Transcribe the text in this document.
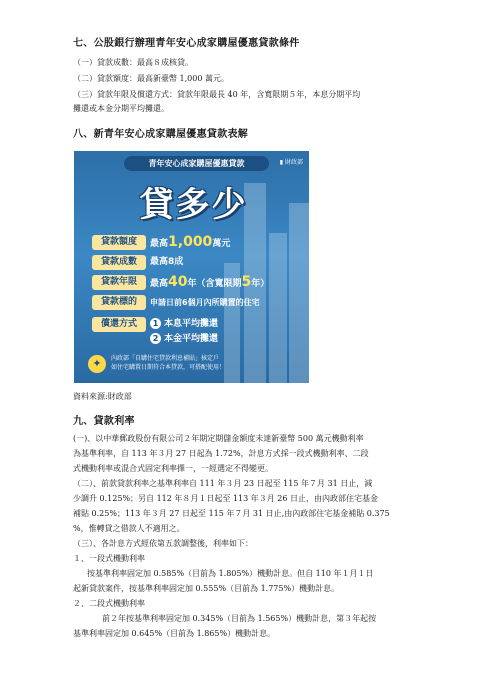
七、公股銀行辦理青年安心成家購屋優惠貸款條件
（一）貸款成數：最高８成核貸。
（二）貸款額度：最高新臺幣 1,000 萬元。
（三）貸款年限及償還方式：貸款年限最長 40 年，含寬限期５年，本息分期平均
攤還或本金分期平均攤還。
八、新青年安心成家購屋優惠貸款表解
青年安心成家購屋優惠貸款	▮ 財政部
貸多少
貸款額度	最高1,000萬元
貸款成數	最高8成
貸款年限	最高40年（含寬限期5年）
貸款標的	申請日前6個月內所購置的住宅
償還方式	1 本息平均攤還
2 本金平均攤還
✦	內政部「自購住宅貸款利息補貼」核定戶
如住宅購置日期符合本貸款，可搭配使用！
資料來源:財政部
九、貸款利率
(一)、以中華郵政股份有限公司２年期定期儲金額度未達新臺幣 500 萬元機動利率
為基準利率，自 113 年３月 27 日起為 1.72%，計息方式採一段式機動利率、二段
式機動利率或混合式固定利率擇一，一經選定不得變更。
（二）、前款貸款利率之基準利率自 111 年３月 23 日起至 115 年７月 31 日止，減
少調升 0.125%；另自 112 年８月１日起至 113 年３月 26 日止，由內政部住宅基金
補貼 0.25%；113 年３月 27 日起至 115 年７月 31 日止,由內政部住宅基金補貼 0.375
%，惟轉貸之借款人不適用之。
（三）、各計息方式經依第五款調整後，利率如下：
１、一段式機動利率
按基準利率固定加 0.585%（目前為 1.805%）機動計息。但自 110 年１月１日
起新貸款案件，按基準利率固定加 0.555%（目前為 1.775%）機動計息。
２、二段式機動利率
前２年按基準利率固定加 0.345%（目前為 1.565%）機動計息，第３年起按
基準利率固定加 0.645%（目前為 1.865%）機動計息。
